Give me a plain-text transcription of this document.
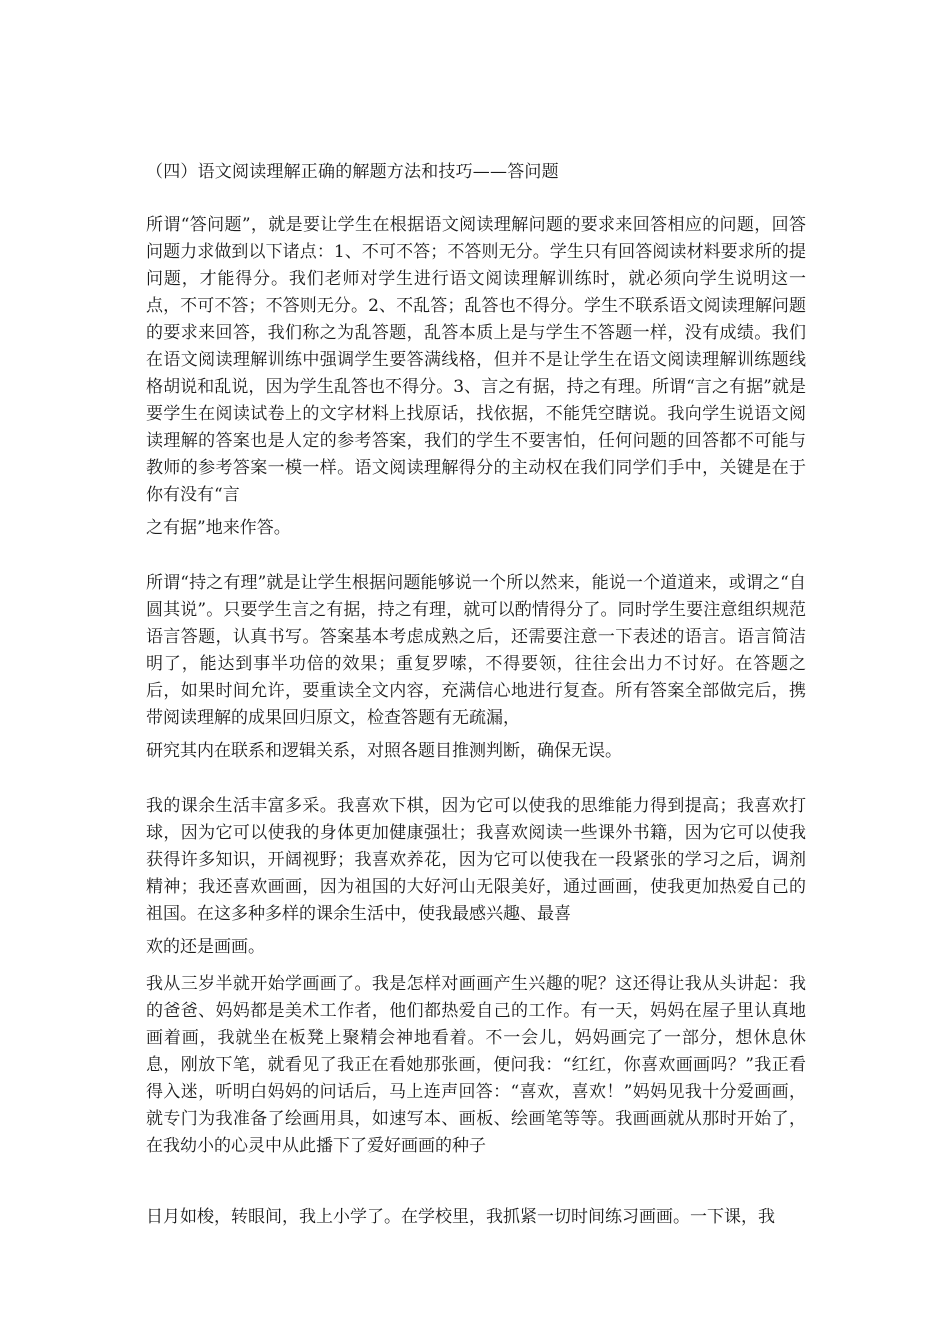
（四）语文阅读理解正确的解题方法和技巧——答问题

所谓“答问题”，就是要让学生在根据语文阅读理解问题的要求来回答相应的问题，回答问题力求做到以下诸点：1、不可不答；不答则无分。学生只有回答阅读材料要求所的提问题，才能得分。我们老师对学生进行语文阅读理解训练时，就必须向学生说明这一点，不可不答；不答则无分。2、不乱答；乱答也不得分。学生不联系语文阅读理解问题的要求来回答，我们称之为乱答题，乱答本质上是与学生不答题一样，没有成绩。我们在语文阅读理解训练中强调学生要答满线格，但并不是让学生在语文阅读理解训练题线格胡说和乱说，因为学生乱答也不得分。3、言之有据，持之有理。所谓“言之有据”就是要学生在阅读试卷上的文字材料上找原话，找依据，不能凭空瞎说。我向学生说语文阅读理解的答案也是人定的参考答案，我们的学生不要害怕，任何问题的回答都不可能与教师的参考答案一模一样。语文阅读理解得分的主动权在我们同学们手中，关键是在于你有没有“言

之有据”地来作答。

所谓“持之有理”就是让学生根据问题能够说一个所以然来，能说一个道道来，或谓之“自圆其说”。只要学生言之有据，持之有理，就可以酌情得分了。同时学生要注意组织规范语言答题，认真书写。答案基本考虑成熟之后，还需要注意一下表述的语言。语言简洁明了，能达到事半功倍的效果；重复罗嗦，不得要领，往往会出力不讨好。在答题之后，如果时间允许，要重读全文内容，充满信心地进行复查。所有答案全部做完后，携带阅读理解的成果回归原文，检查答题有无疏漏，

研究其内在联系和逻辑关系，对照各题目推测判断，确保无误。

我的课余生活丰富多采。我喜欢下棋，因为它可以使我的思维能力得到提高；我喜欢打球，因为它可以使我的身体更加健康强壮；我喜欢阅读一些课外书籍，因为它可以使我获得许多知识，开阔视野；我喜欢养花，因为它可以使我在一段紧张的学习之后，调剂精神；我还喜欢画画，因为祖国的大好河山无限美好，通过画画，使我更加热爱自己的祖国。在这多种多样的课余生活中，使我最感兴趣、最喜

欢的还是画画。

我从三岁半就开始学画画了。我是怎样对画画产生兴趣的呢？这还得让我从头讲起：我的爸爸、妈妈都是美术工作者，他们都热爱自己的工作。有一天，妈妈在屋子里认真地画着画，我就坐在板凳上聚精会神地看着。不一会儿，妈妈画完了一部分，想休息休息，刚放下笔，就看见了我正在看她那张画，便问我：“红红，你喜欢画画吗？”我正看得入迷，听明白妈妈的问话后，马上连声回答：“喜欢，喜欢！”妈妈见我十分爱画画，就专门为我准备了绘画用具，如速写本、画板、绘画笔等等。我画画就从那时开始了，在我幼小的心灵中从此播下了爱好画画的种子

日月如梭，转眼间，我上小学了。在学校里，我抓紧一切时间练习画画。一下课，我
